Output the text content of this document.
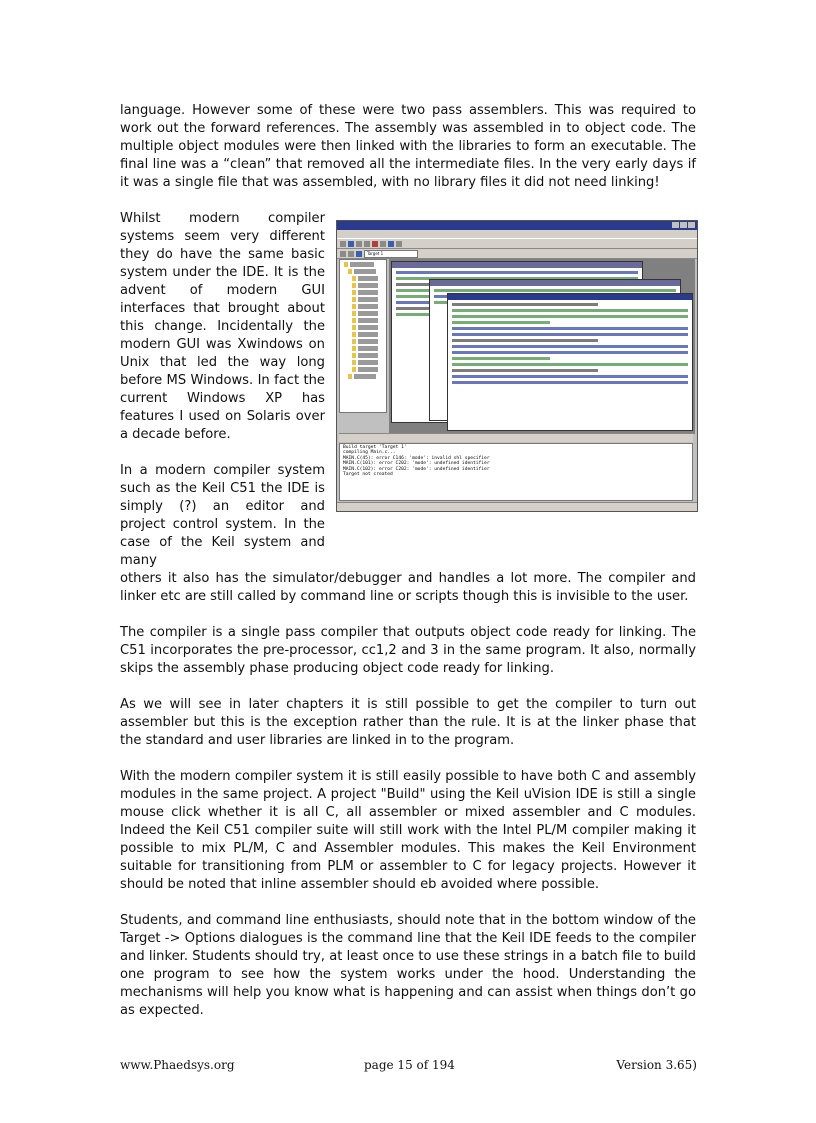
language. However some of these were two pass assemblers. This was required to work out the forward references. The assembly was assembled in to object code. The multiple object modules were then linked with the libraries to form an executable. The final line was a “clean” that removed all the intermediate files. In the very early days if it was a single file that was assembled, with no library files it did not need linking!

Whilst modern compiler systems seem very different they do have the same basic system under the IDE. It is the advent of modern GUI interfaces that brought about this change. Incidentally the modern GUI was Xwindows on Unix that led the way long before MS Windows. In fact the current Windows XP has features I used on Solaris over a decade before.

In a modern compiler system such as the Keil C51 the IDE is simply (?) an editor and project control system. In the case of the Keil system and many

Target 1
Build target 'Target 1'
compiling Main.c...
MAIN.C(45): error C146: 'mode': invalid shl specifier
MAIN.C(101): error C202: 'mode': undefined identifier
MAIN.C(102): error C202: 'mode': undefined identifier
Target not created

others it also has the simulator/debugger and handles a lot more. The compiler and linker etc are still called by command line or scripts though this is invisible to the user.

The compiler is a single pass compiler that outputs object code ready for linking. The C51 incorporates the pre-processor, cc1,2 and 3 in the same program. It also, normally skips the assembly phase producing object code ready for linking.

As we will see in later chapters it is still possible to get the compiler to turn out assembler but this is the exception rather than the rule. It is at the linker phase that the standard and user libraries are linked in to the program.

With the modern compiler system it is still easily possible to have both C and assembly modules in the same project. A project "Build" using the Keil uVision IDE is still a single mouse click whether it is all C, all assembler or mixed assembler and C modules. Indeed the Keil C51 compiler suite will still work with the Intel PL/M compiler making it possible to mix PL/M, C and Assembler modules. This makes the Keil Environment suitable for transitioning from PLM or assembler to C for legacy projects. However it should be noted that inline assembler should eb avoided where possible.

Students, and command line enthusiasts, should note that in the bottom window of the Target -> Options dialogues is the command line that the Keil IDE feeds to the compiler and linker. Students should try, at least once to use these strings in a batch file to build one program to see how the system works under the hood. Understanding the mechanisms will help you know what is happening and can assist when things don’t go as expected.

www.Phaedsys.org	page 15 of 194	Version 3.65)
